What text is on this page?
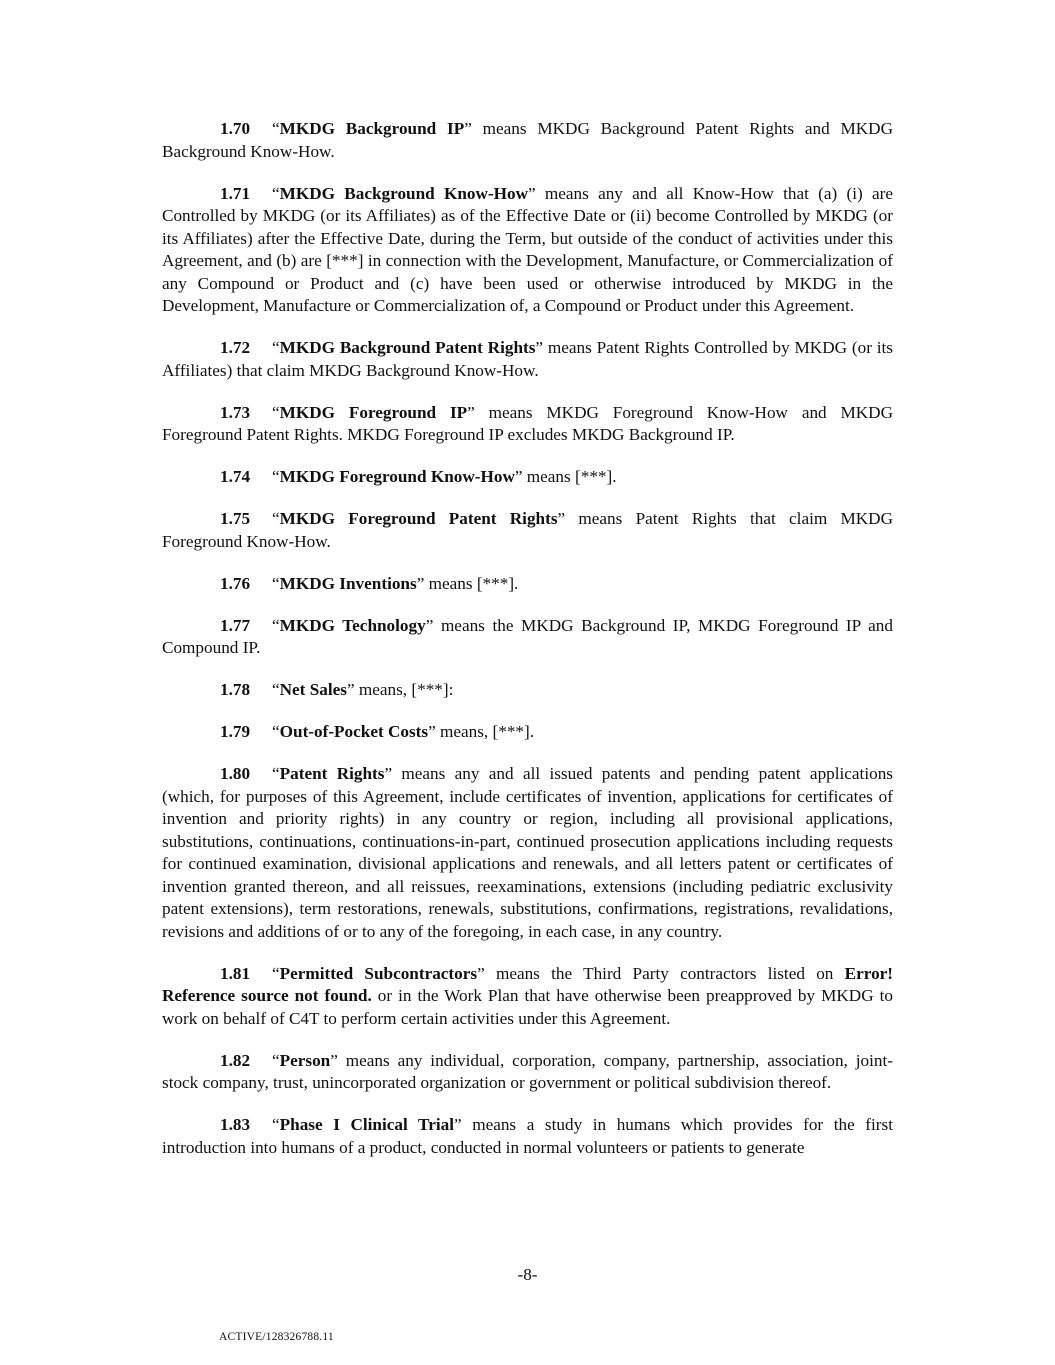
1.70 “MKDG Background IP” means MKDG Background Patent Rights and MKDG Background Know-How.

1.71 “MKDG Background Know-How” means any and all Know-How that (a) (i) are Controlled by MKDG (or its Affiliates) as of the Effective Date or (ii) become Controlled by MKDG (or its Affiliates) after the Effective Date, during the Term, but outside of the conduct of activities under this Agreement, and (b) are [***] in connection with the Development, Manufacture, or Commercialization of any Compound or Product and (c) have been used or otherwise introduced by MKDG in the Development, Manufacture or Commercialization of, a Compound or Product under this Agreement.

1.72 “MKDG Background Patent Rights” means Patent Rights Controlled by MKDG (or its Affiliates) that claim MKDG Background Know-How.

1.73 “MKDG Foreground IP” means MKDG Foreground Know-How and MKDG Foreground Patent Rights. MKDG Foreground IP excludes MKDG Background IP.

1.74 “MKDG Foreground Know-How” means [***].

1.75 “MKDG Foreground Patent Rights” means Patent Rights that claim MKDG Foreground Know-How.

1.76 “MKDG Inventions” means [***].

1.77 “MKDG Technology” means the MKDG Background IP, MKDG Foreground IP and Compound IP.

1.78 “Net Sales” means, [***]:

1.79 “Out-of-Pocket Costs” means, [***].

1.80 “Patent Rights” means any and all issued patents and pending patent applications (which, for purposes of this Agreement, include certificates of invention, applications for certificates of invention and priority rights) in any country or region, including all provisional applications, substitutions, continuations, continuations-in-part, continued prosecution applications including requests for continued examination, divisional applications and renewals, and all letters patent or certificates of invention granted thereon, and all reissues, reexaminations, extensions (including pediatric exclusivity patent extensions), term restorations, renewals, substitutions, confirmations, registrations, revalidations, revisions and additions of or to any of the foregoing, in each case, in any country.

1.81 “Permitted Subcontractors” means the Third Party contractors listed on Error! Reference source not found. or in the Work Plan that have otherwise been preapproved by MKDG to work on behalf of C4T to perform certain activities under this Agreement.

1.82 “Person” means any individual, corporation, company, partnership, association, joint-stock company, trust, unincorporated organization or government or political subdivision thereof.

1.83 “Phase I Clinical Trial” means a study in humans which provides for the first introduction into humans of a product, conducted in normal volunteers or patients to generate

-8-
ACTIVE/128326788.11
